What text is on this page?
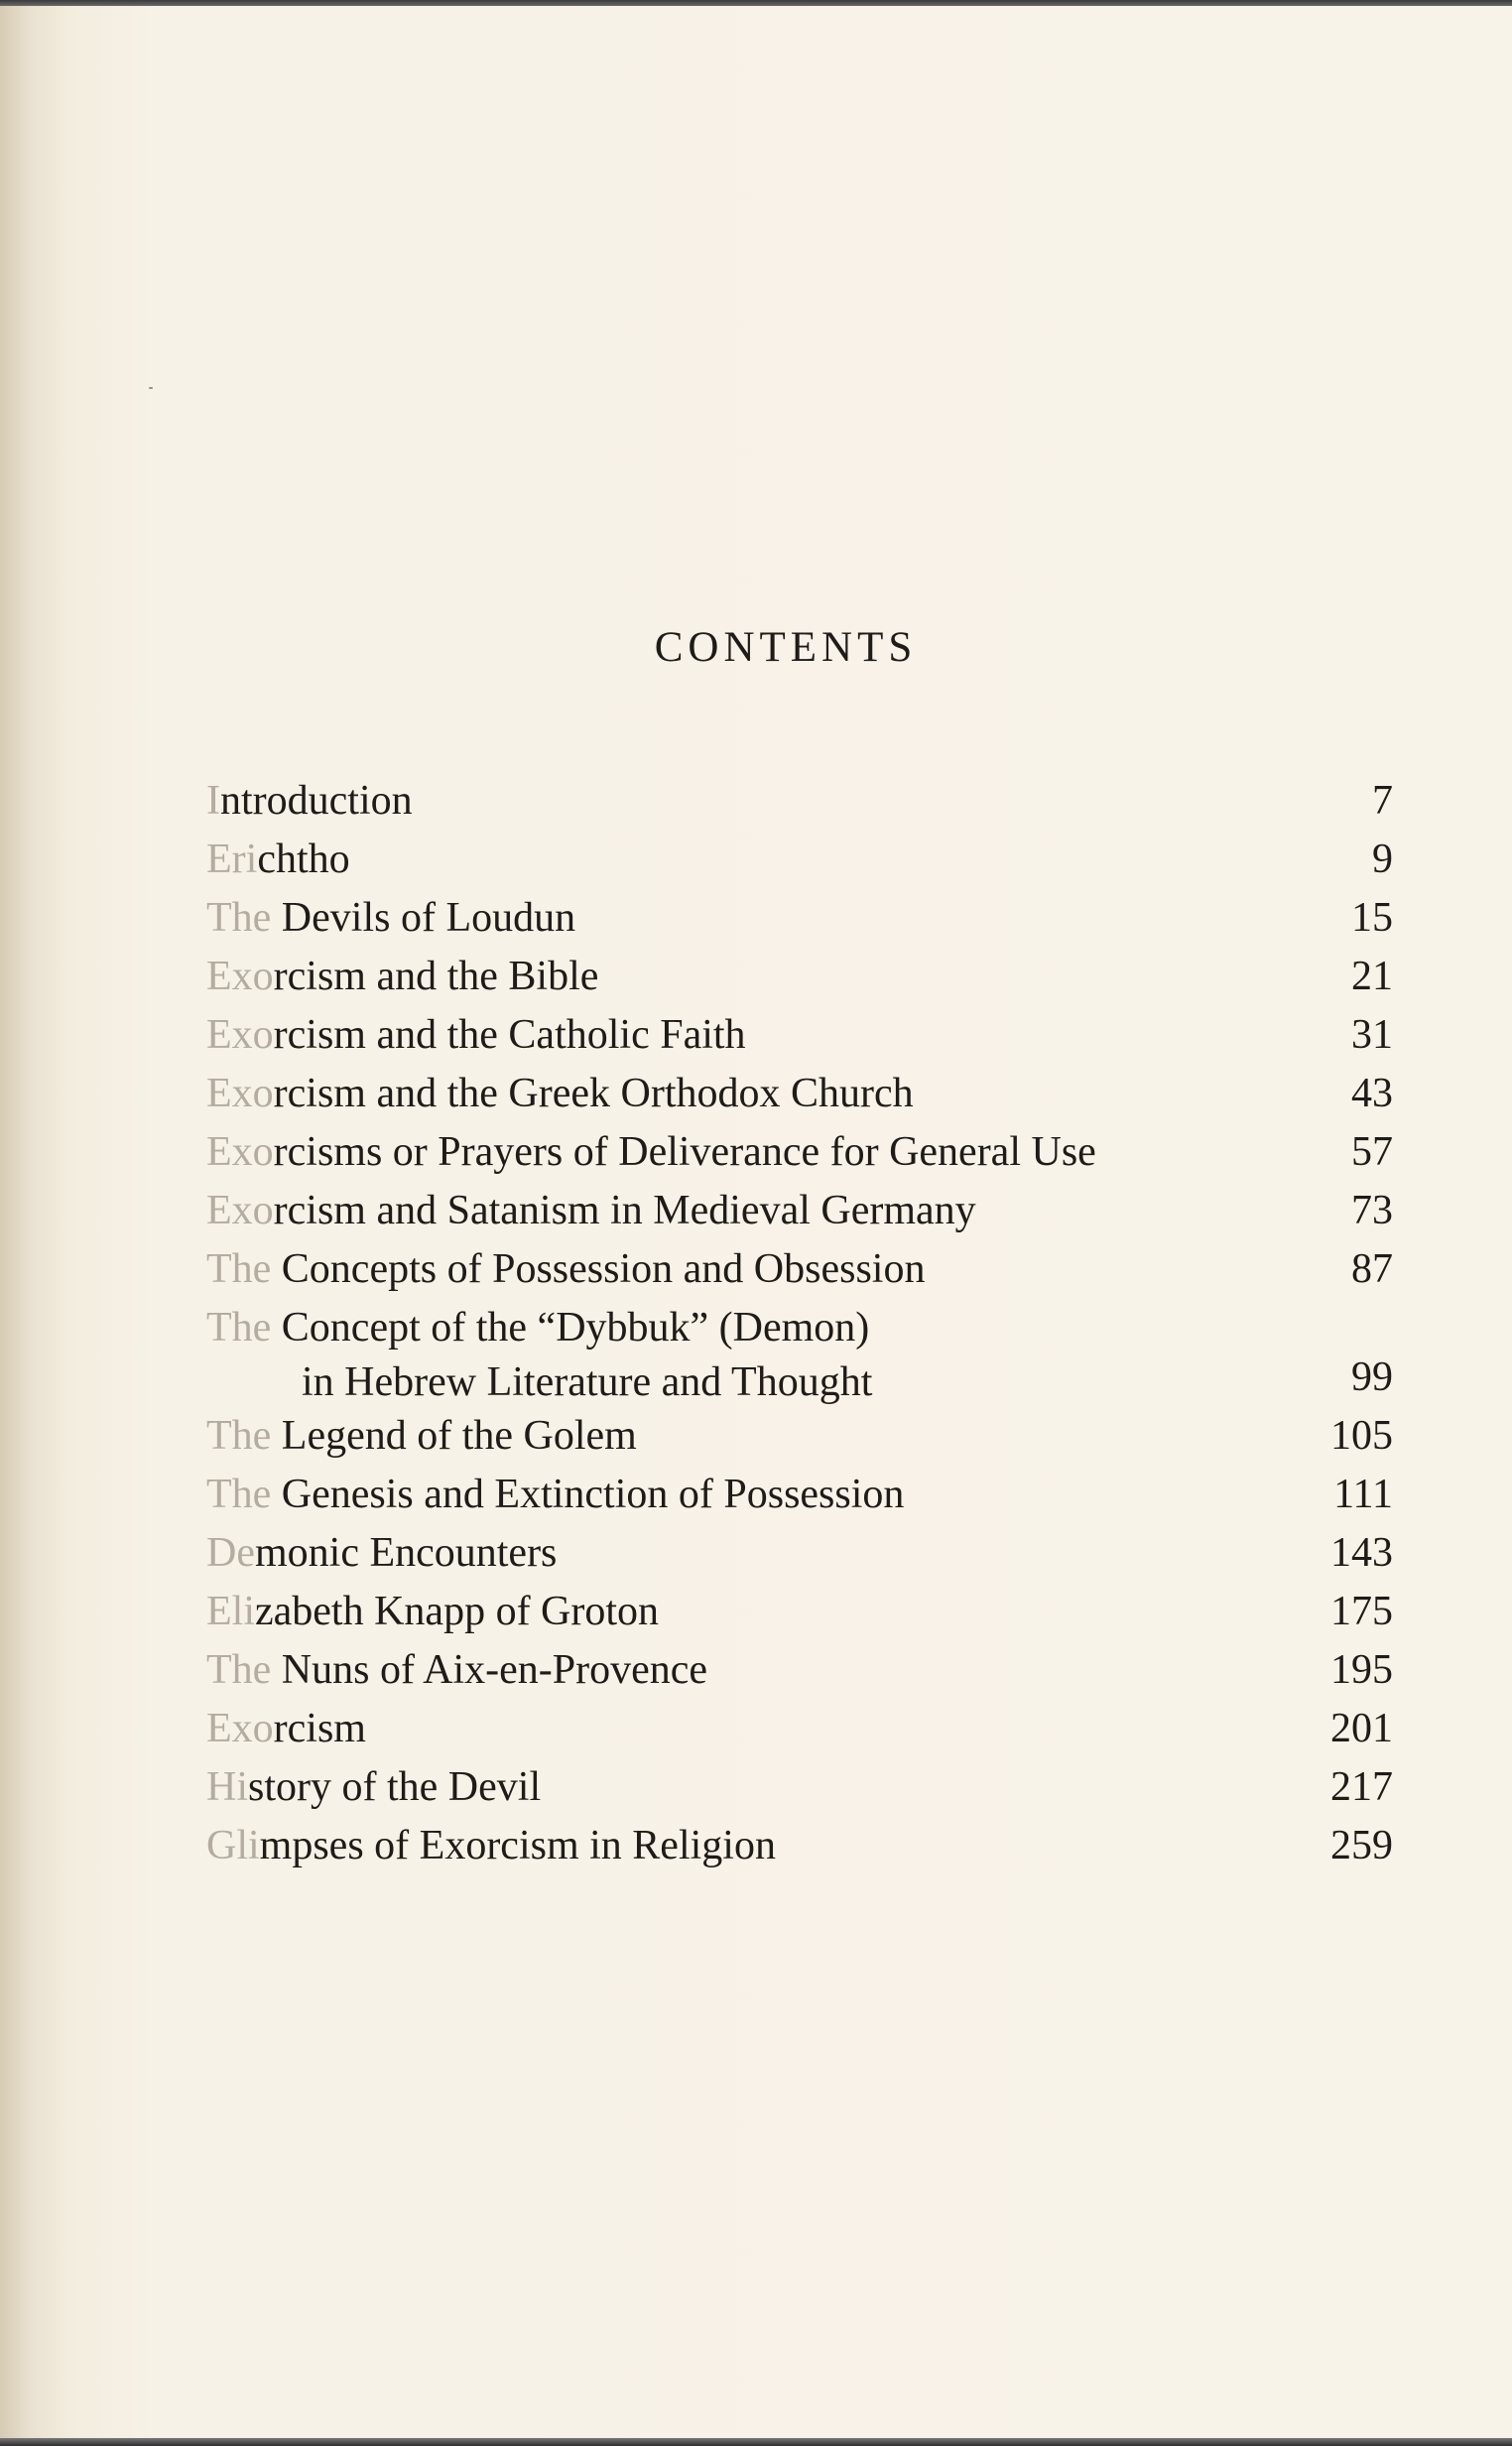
CONTENTS
Introduction	7
Erichtho	9
The Devils of Loudun	15
Exorcism and the Bible	21
Exorcism and the Catholic Faith	31
Exorcism and the Greek Orthodox Church	43
Exorcisms or Prayers of Deliverance for General Use	57
Exorcism and Satanism in Medieval Germany	73
The Concepts of Possession and Obsession	87
The Concept of the “Dybbuk” (Demon)
in Hebrew Literature and Thought	99
The Legend of the Golem	105
The Genesis and Extinction of Possession	111
Demonic Encounters	143
Elizabeth Knapp of Groton	175
The Nuns of Aix-en-Provence	195
Exorcism	201
History of the Devil	217
Glimpses of Exorcism in Religion	259
